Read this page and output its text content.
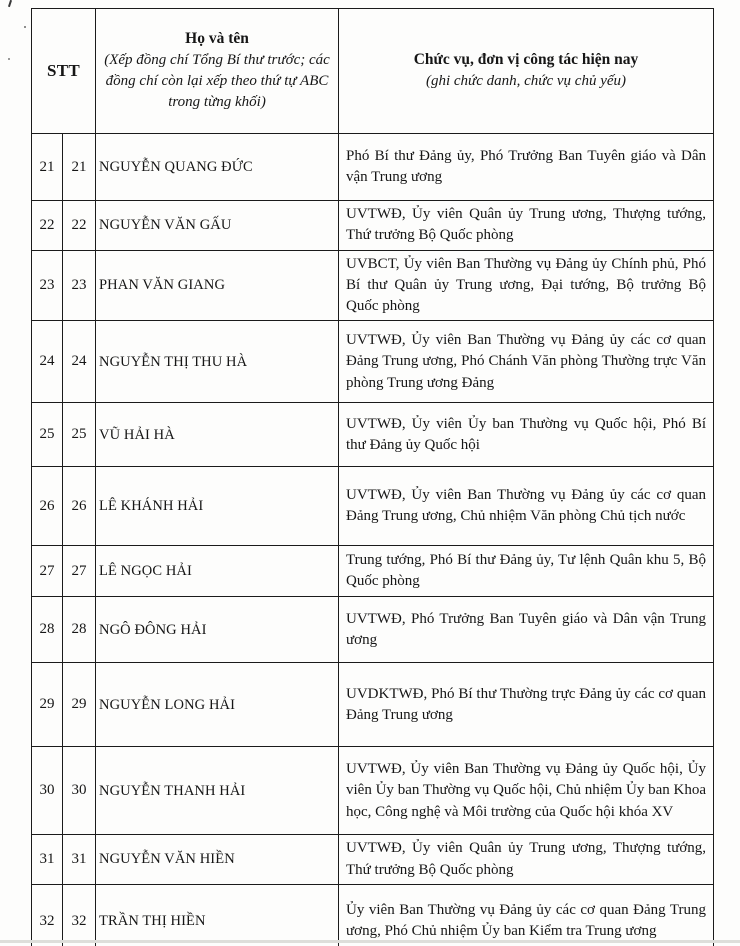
STT	
Họ và tên
(Xếp đồng chí Tổng Bí thư trước; các đồng chí còn lại xếp theo thứ tự ABC trong từng khối)

Chức vụ, đơn vị công tác hiện nay
(ghi chức danh, chức vụ chủ yếu)

21	21	NGUYỄN QUANG ĐỨC	Phó Bí thư Đảng ủy, Phó Trưởng Ban Tuyên giáo và Dân vận Trung ương
22	22	NGUYỄN VĂN GẤU	UVTWĐ, Ủy viên Quân ủy Trung ương, Thượng tướng, Thứ trưởng Bộ Quốc phòng
23	23	PHAN VĂN GIANG	UVBCT, Ủy viên Ban Thường vụ Đảng ủy Chính phủ, Phó Bí thư Quân ủy Trung ương, Đại tướng, Bộ trưởng Bộ Quốc phòng
24	24	NGUYỄN THỊ THU HÀ	UVTWĐ, Ủy viên Ban Thường vụ Đảng ủy các cơ quan Đảng Trung ương, Phó Chánh Văn phòng Thường trực Văn phòng Trung ương Đảng
25	25	VŨ HẢI HÀ	UVTWĐ, Ủy viên Ủy ban Thường vụ Quốc hội, Phó Bí thư Đảng ủy Quốc hội
26	26	LÊ KHÁNH HẢI	UVTWĐ, Ủy viên Ban Thường vụ Đảng ủy các cơ quan Đảng Trung ương, Chủ nhiệm Văn phòng Chủ tịch nước
27	27	LÊ NGỌC HẢI	Trung tướng, Phó Bí thư Đảng ủy, Tư lệnh Quân khu 5, Bộ Quốc phòng
28	28	NGÔ ĐÔNG HẢI	UVTWĐ, Phó Trưởng Ban Tuyên giáo và Dân vận Trung ương
29	29	NGUYỄN LONG HẢI	UVDKTWĐ, Phó Bí thư Thường trực Đảng ủy các cơ quan Đảng Trung ương
30	30	NGUYỄN THANH HẢI	UVTWĐ, Ủy viên Ban Thường vụ Đảng ủy Quốc hội, Ủy viên Ủy ban Thường vụ Quốc hội, Chủ nhiệm Ủy ban Khoa học, Công nghệ và Môi trường của Quốc hội khóa XV
31	31	NGUYỄN VĂN HIỀN	UVTWĐ, Ủy viên Quân ủy Trung ương, Thượng tướng, Thứ trưởng Bộ Quốc phòng
32	32	TRẦN THỊ HIỀN	Ủy viên Ban Thường vụ Đảng ủy các cơ quan Đảng Trung ương, Phó Chủ nhiệm Ủy ban Kiểm tra Trung ương
